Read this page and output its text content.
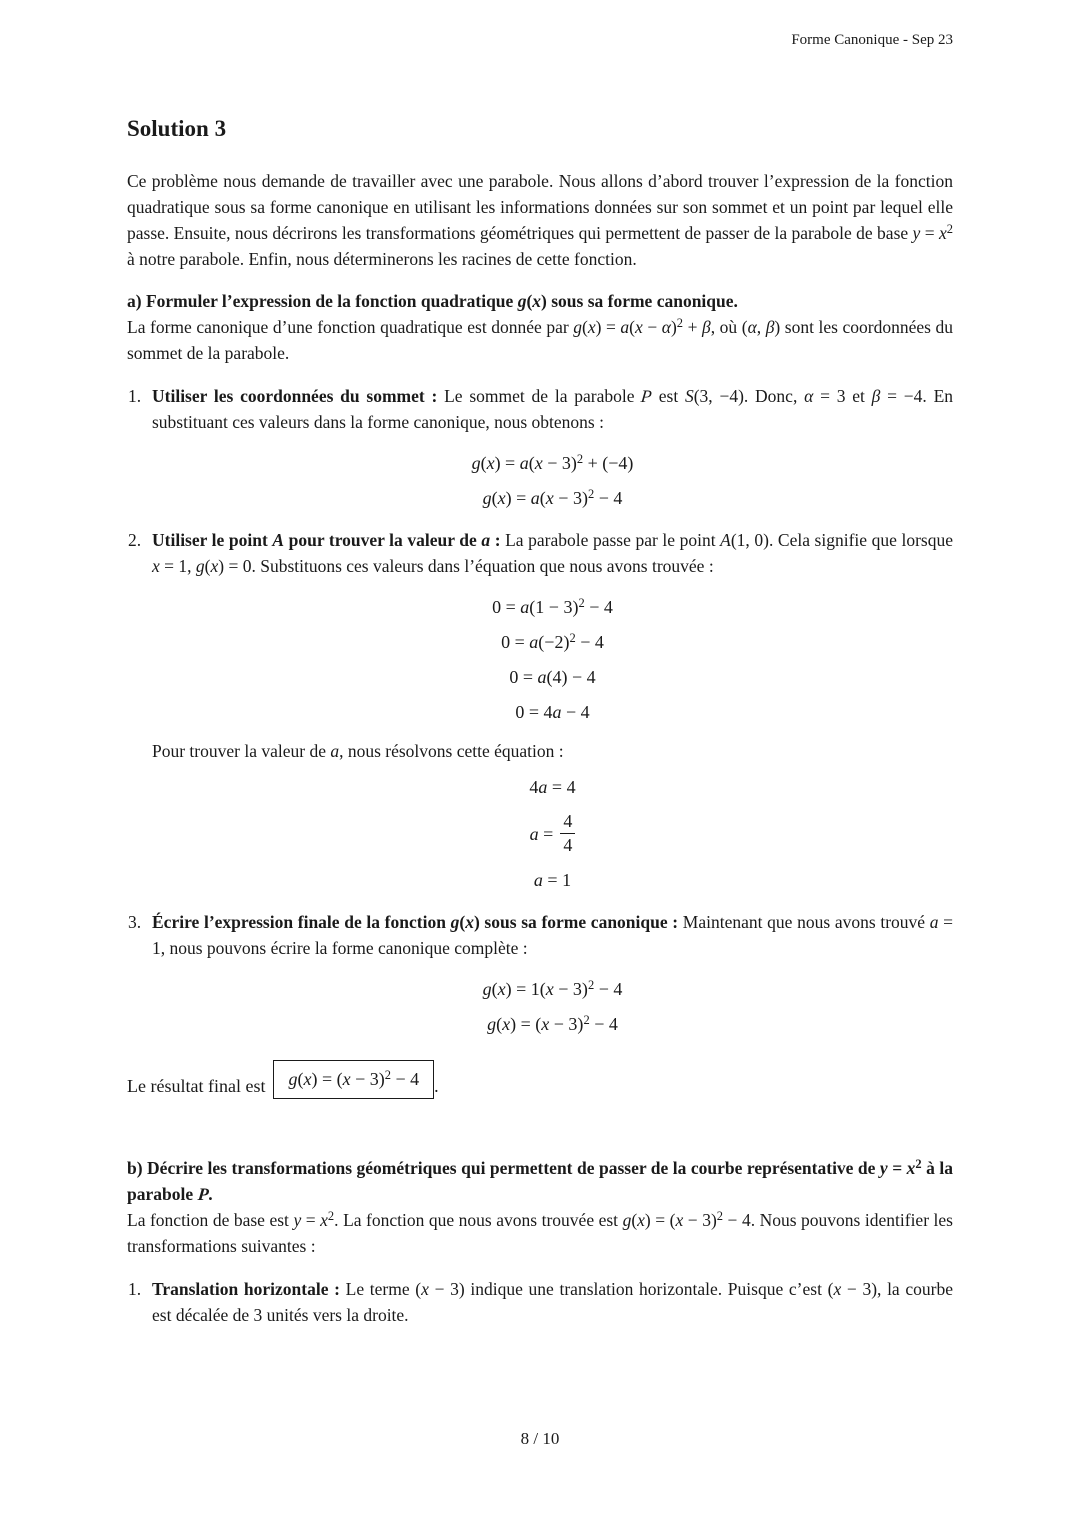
Forme Canonique - Sep 23
Solution 3

Ce problème nous demande de travailler avec une parabole. Nous allons d’abord trouver l’expression de la fonction quadratique sous sa forme canonique en utilisant les informations données sur son sommet et un point par lequel elle passe. Ensuite, nous décrirons les transformations géométriques qui permettent de passer de la parabole de base $y = x^2$ à notre parabole. Enfin, nous déterminerons les racines de cette fonction.

a) Formuler l’expression de la fonction quadratique g(x) sous sa forme canonique.

La forme canonique d’une fonction quadratique est donnée par $g(x) = a(x - \alpha)^2 + \beta$, où (α, β) sont les coordonnées du sommet de la parabole.

1. Utiliser les coordonnées du sommet : Le sommet de la parabole P est S(3, −4). Donc, α = 3 et β = −4. En substituant ces valeurs dans la forme canonique, nous obtenons :
$g(x) = a(x - 3)^2 + (-4)$
$g(x) = a(x - 3)^2 - 4$
2. Utiliser le point A pour trouver la valeur de a : La parabole passe par le point A(1, 0). Cela signifie que lorsque x = 1, g(x) = 0. Substituons ces valeurs dans l’équation que nous avons trouvée :
$0 = a(1 - 3)^2 - 4$
$0 = a(-2)^2 - 4$
0 = a(4) − 4
0 = 4a − 4
Pour trouver la valeur de a, nous résolvons cette équation :
4a = 4
$a = \frac{4}{4}$
a = 1
3. Écrire l’expression finale de la fonction g(x) sous sa forme canonique : Maintenant que nous avons trouvé a = 1, nous pouvons écrire la forme canonique complète :
$g(x) = 1(x - 3)^2 - 4$
$g(x) = (x - 3)^2 - 4$
Le résultat final est	$g(x) = (x - 3)^2 - 4$ .

b) Décrire les transformations géométriques qui permettent de passer de la courbe représentative de $y = x^2$ à la parabole P.

La fonction de base est $y = x^2$. La fonction que nous avons trouvée est $g(x) = (x - 3)^2 - 4$. Nous pouvons identifier les transformations suivantes :

1. Translation horizontale : Le terme (x − 3) indique une translation horizontale. Puisque c’est (x − 3), la courbe est décalée de 3 unités vers la droite.
8 / 10
